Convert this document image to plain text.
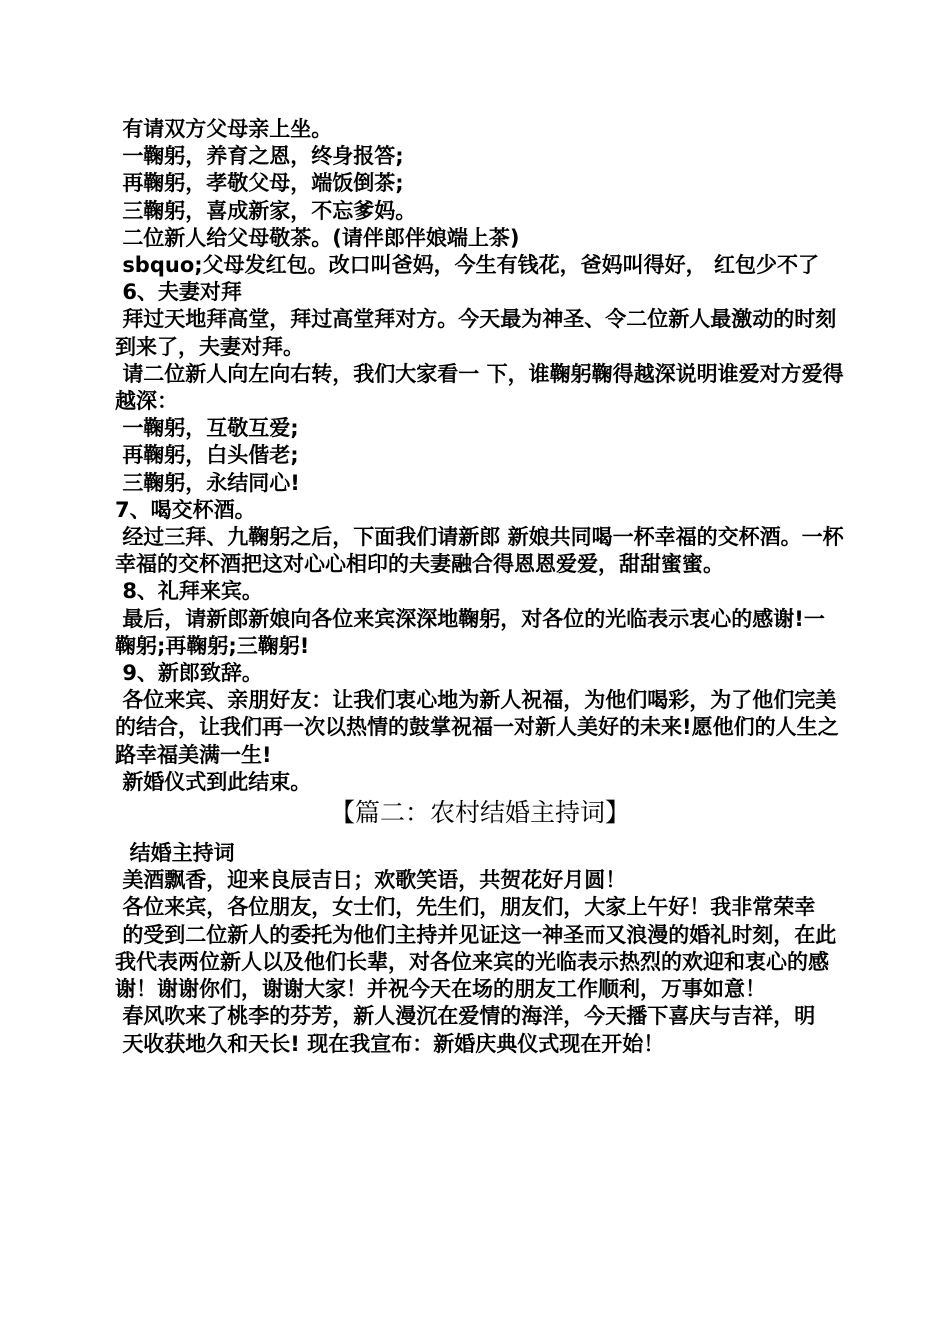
有请双方父母亲上坐。

一鞠躬，养育之恩，终身报答;

再鞠躬，孝敬父母，端饭倒茶;

三鞠躬，喜成新家，不忘爹妈。

二位新人给父母敬茶。(请伴郎伴娘端上茶)

sbquo;父母发红包。改口叫爸妈，今生有钱花，爸妈叫得好， 红包少不了

6、夫妻对拜

拜过天地拜高堂，拜过高堂拜对方。今天最为神圣、令二位新人最激动的时刻到来了，夫妻对拜。

请二位新人向左向右转，我们大家看一 下，谁鞠躬鞠得越深说明谁爱对方爱得越深：

一鞠躬，互敬互爱;

再鞠躬，白头偕老;

三鞠躬，永结同心!

7、喝交杯酒。

经过三拜、九鞠躬之后，下面我们请新郎 新娘共同喝一杯幸福的交杯酒。一杯幸福的交杯酒把这对心心相印的夫妻融合得恩恩爱爱，甜甜蜜蜜。

8、礼拜来宾。

最后，请新郎新娘向各位来宾深深地鞠躬，对各位的光临表示衷心的感谢!一鞠躬;再鞠躬;三鞠躬!

9、新郎致辞。

各位来宾、亲朋好友：让我们衷心地为新人祝福，为他们喝彩，为了他们完美的结合，让我们再一次以热情的鼓掌祝福一对新人美好的未来!愿他们的人生之路幸福美满一生!

新婚仪式到此结束。

【篇二：农村结婚主持词】

结婚主持词

美酒飘香，迎来良辰吉日；欢歌笑语，共贺花好月圆！

各位来宾，各位朋友，女士们，先生们，朋友们，大家上午好！我非常荣幸

的受到二位新人的委托为他们主持并见证这一神圣而又浪漫的婚礼时刻，在此我代表两位新人以及他们长辈，对各位来宾的光临表示热烈的欢迎和衷心的感谢！谢谢你们，谢谢大家！并祝今天在场的朋友工作顺利，万事如意！

春风吹来了桃李的芬芳，新人漫沉在爱情的海洋，今天播下喜庆与吉祥，明

天收获地久和天长! 现在我宣布：新婚庆典仪式现在开始！
